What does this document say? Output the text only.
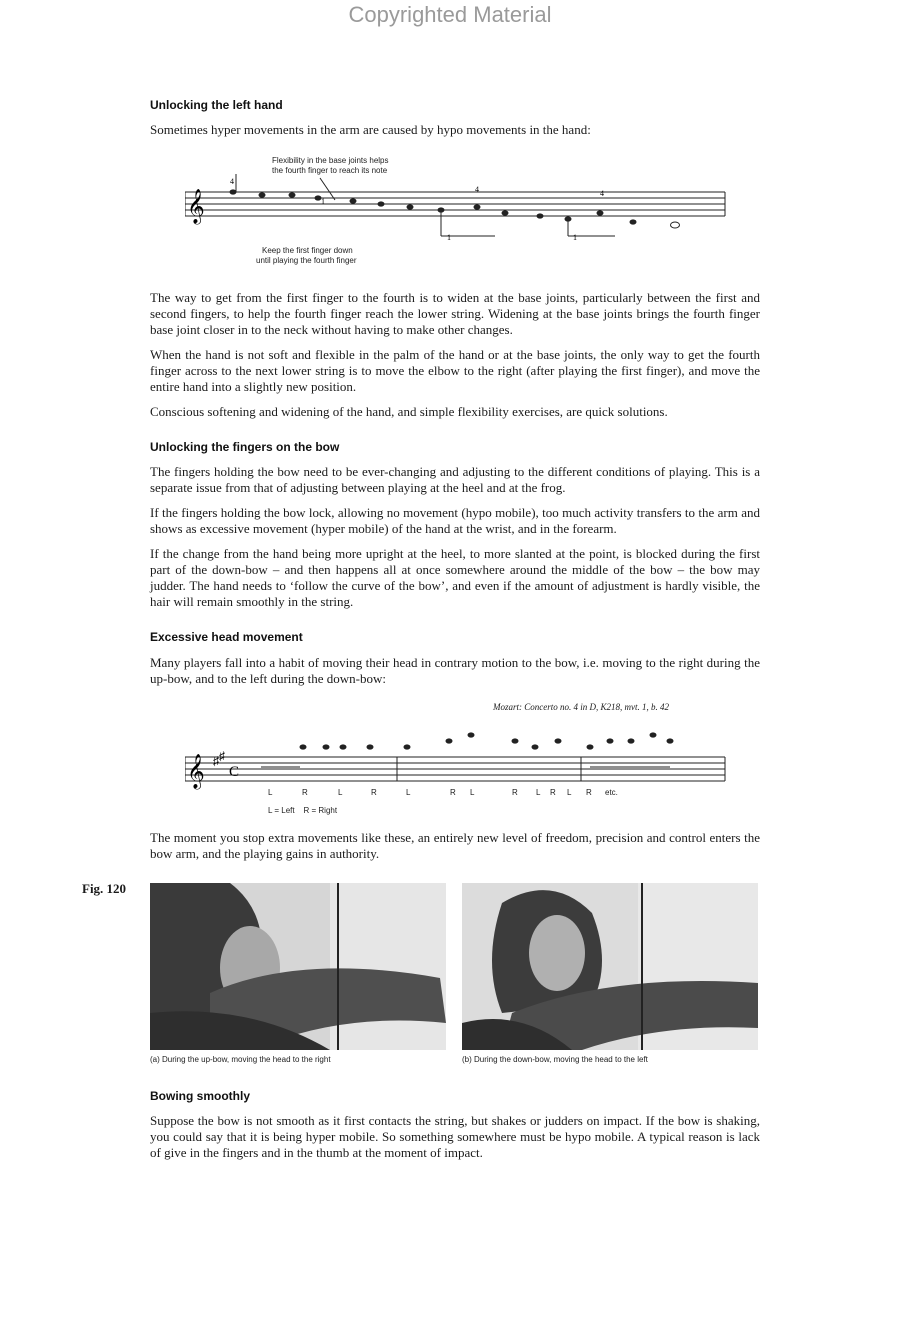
Copyrighted Material
Unlocking the left hand

Sometimes hyper movements in the arm are caused by hypo movements in the hand:

Flexibility in the base joints helps
the fourth finger to reach its note
𝄞
4
4	4
1
1	1
Keep the first finger down
until playing the fourth finger

The way to get from the first finger to the fourth is to widen at the base joints, particularly between the first and second fingers, to help the fourth finger reach the lower string. Widening at the base joints brings the fourth finger base joint closer in to the neck without having to make other changes.

When the hand is not soft and flexible in the palm of the hand or at the base joints, the only way to get the fourth finger across to the next lower string is to move the elbow to the right (after playing the first finger), and move the entire hand into a slightly new position.

Conscious softening and widening of the hand, and simple flexibility exercises, are quick solutions.

Unlocking the fingers on the bow

The fingers holding the bow need to be ever-changing and adjusting to the different conditions of playing. This is a separate issue from that of adjusting between playing at the heel and at the frog.

If the fingers holding the bow lock, allowing no movement (hypo mobile), too much activity transfers to the arm and shows as excessive movement (hyper mobile) of the hand at the wrist, and in the forearm.

If the change from the hand being more upright at the heel, to more slanted at the point, is blocked during the first part of the down-bow – and then happens all at once somewhere around the middle of the bow – the bow may judder. The hand needs to ‘follow the curve of the bow’, and even if the amount of adjustment is hardly visible, the hair will remain smoothly in the string.

Excessive head movement

Many players fall into a habit of moving their head in contrary motion to the bow, i.e. moving to the right during the up-bow, and to the left during the down-bow:

Mozart: Concerto no. 4 in D, K218, mvt. 1, b. 42
𝄞 ♯ ♯
C
L	R	L	R	L	R L	R L R L R etc.
L = Left    R = Right

The moment you stop extra movements like these, an entirely new level of freedom, precision and control enters the bow arm, and the playing gains in authority.

Fig. 120
(a) During the up-bow, moving the head to the right	(b) During the down-bow, moving the head to the left
Bowing smoothly

Suppose the bow is not smooth as it first contacts the string, but shakes or judders on impact. If the bow is shaking, you could say that it is being hyper mobile. So something somewhere must be hypo mobile. A typical reason is lack of give in the fingers and in the thumb at the moment of impact.
